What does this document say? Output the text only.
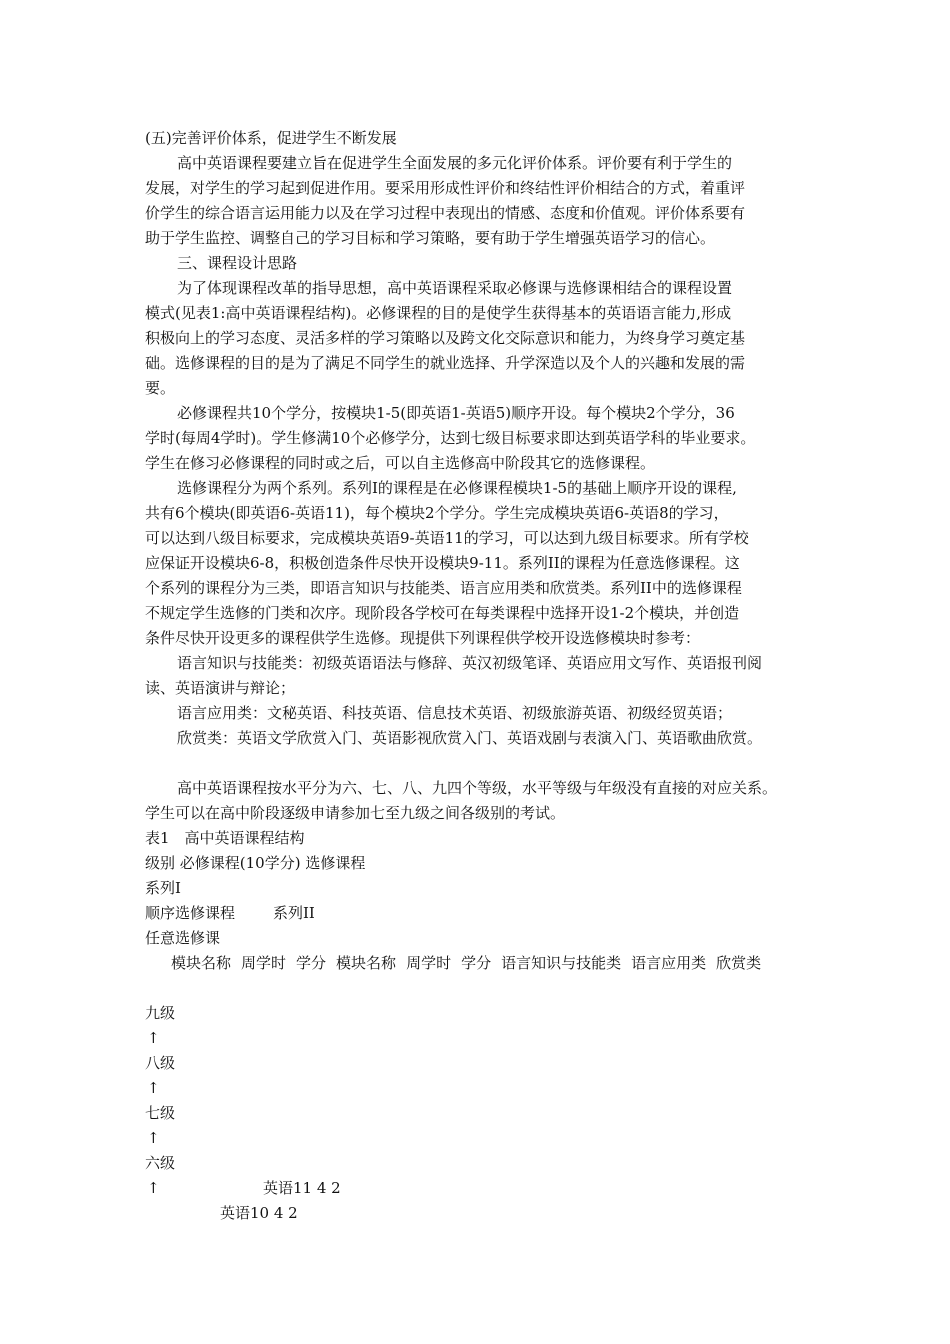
(五)完善评价体系，促进学生不断发展
高中英语课程要建立旨在促进学生全面发展的多元化评价体系。评价要有利于学生的
发展，对学生的学习起到促进作用。要采用形成性评价和终结性评价相结合的方式，着重评
价学生的综合语言运用能力以及在学习过程中表现出的情感、态度和价值观。评价体系要有
助于学生监控、调整自己的学习目标和学习策略，要有助于学生增强英语学习的信心。
三、课程设计思路
为了体现课程改革的指导思想，高中英语课程采取必修课与选修课相结合的课程设置
模式(见表1:高中英语课程结构)。必修课程的目的是使学生获得基本的英语语言能力,形成
积极向上的学习态度、灵活多样的学习策略以及跨文化交际意识和能力，为终身学习奠定基
础。选修课程的目的是为了满足不同学生的就业选择、升学深造以及个人的兴趣和发展的需
要。
必修课程共10个学分，按模块1-5(即英语1-英语5)顺序开设。每个模块2个学分，36
学时(每周4学时)。学生修满10个必修学分，达到七级目标要求即达到英语学科的毕业要求。
学生在修习必修课程的同时或之后，可以自主选修高中阶段其它的选修课程。
选修课程分为两个系列。系列I的课程是在必修课程模块1-5的基础上顺序开设的课程,
共有6个模块(即英语6-英语11)，每个模块2个学分。学生完成模块英语6-英语8的学习，
可以达到八级目标要求，完成模块英语9-英语11的学习，可以达到九级目标要求。所有学校
应保证开设模块6-8，积极创造条件尽快开设模块9-11。系列II的课程为任意选修课程。这
个系列的课程分为三类，即语言知识与技能类、语言应用类和欣赏类。系列II中的选修课程
不规定学生选修的门类和次序。现阶段各学校可在每类课程中选择开设1-2个模块，并创造
条件尽快开设更多的课程供学生选修。现提供下列课程供学校开设选修模块时参考：
语言知识与技能类：初级英语语法与修辞、英汉初级笔译、英语应用文写作、英语报刊阅
读、英语演讲与辩论；
语言应用类：文秘英语、科技英语、信息技术英语、初级旅游英语、初级经贸英语；
欣赏类：英语文学欣赏入门、英语影视欣赏入门、英语戏剧与表演入门、英语歌曲欣赏。
高中英语课程按水平分为六、七、八、九四个等级，水平等级与年级没有直接的对应关系。
学生可以在高中阶段逐级申请参加七至九级之间各级别的考试。
表1　高中英语课程结构
级别 必修课程(10学分) 选修课程
系列I
顺序选修课程	系列II
任意选修课
模块名称 周学时 学分 模块名称 周学时 学分 语言知识与技能类 语言应用类 欣赏类
九级
↑
八级
↑
七级
↑
六级
↑	英语11 4 2
英语10 4 2
